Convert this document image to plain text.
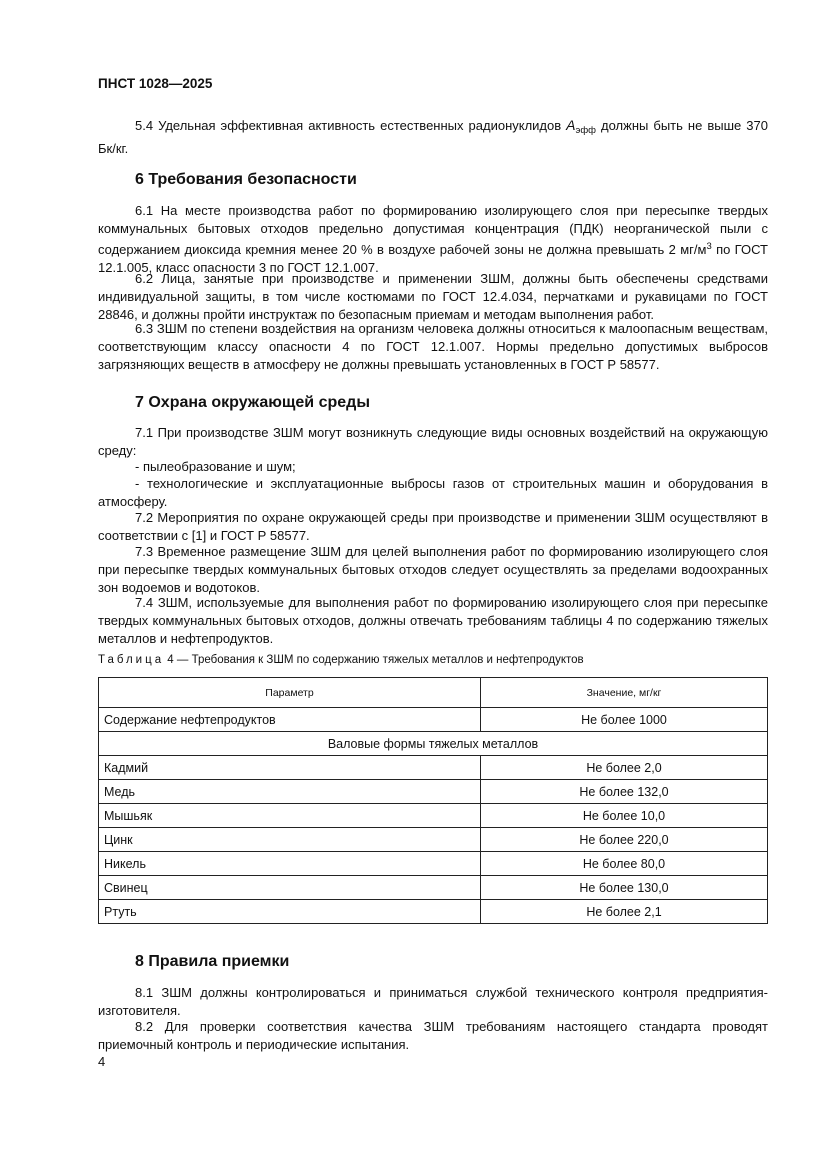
ПНСТ 1028—2025

5.4 Удельная эффективная активность естественных радионуклидов $A_{эфф}$ должны быть не выше 370 Бк/кг.

6 Требования безопасности

6.1 На месте производства работ по формированию изолирующего слоя при пересыпке твердых коммунальных бытовых отходов предельно допустимая концентрация (ПДК) неорганической пыли с содержанием диоксида кремния менее 20 % в воздухе рабочей зоны не должна превышать 2 $мг/м^3$ по ГОСТ 12.1.005, класс опасности 3 по ГОСТ 12.1.007.

6.2 Лица, занятые при производстве и применении ЗШМ, должны быть обеспечены средствами индивидуальной защиты, в том числе костюмами по ГОСТ 12.4.034, перчатками и рукавицами по ГОСТ 28846, и должны пройти инструктаж по безопасным приемам и методам выполнения работ.

6.3 ЗШМ по степени воздействия на организм человека должны относиться к малоопасным веществам, соответствующим классу опасности 4 по ГОСТ 12.1.007. Нормы предельно допустимых выбросов загрязняющих веществ в атмосферу не должны превышать установленных в ГОСТ Р 58577.

7 Охрана окружающей среды

7.1 При производстве ЗШМ могут возникнуть следующие виды основных воздействий на окружающую среду:

- пылеобразование и шум;

- технологические и эксплуатационные выбросы газов от строительных машин и оборудования в атмосферу.

7.2 Мероприятия по охране окружающей среды при производстве и применении ЗШМ осуществляют в соответствии с [1] и ГОСТ Р 58577.

7.3 Временное размещение ЗШМ для целей выполнения работ по формированию изолирующего слоя при пересыпке твердых коммунальных бытовых отходов следует осуществлять за пределами водоохранных зон водоемов и водотоков.

7.4 ЗШМ, используемые для выполнения работ по формированию изолирующего слоя при пересыпке твердых коммунальных бытовых отходов, должны отвечать требованиям таблицы 4 по содержанию тяжелых металлов и нефтепродуктов.

Таблица 4 — Требования к ЗШМ по содержанию тяжелых металлов и нефтепродуктов
Параметр	Значение, мг/кг
Содержание нефтепродуктов	Не более 1000
Валовые формы тяжелых металлов	
Кадмий	Не более 2,0
Медь	Не более 132,0
Мышьяк	Не более 10,0
Цинк	Не более 220,0
Никель	Не более 80,0
Свинец	Не более 130,0
Ртуть	Не более 2,1
8 Правила приемки

8.1 ЗШМ должны контролироваться и приниматься службой технического контроля предприятия-изготовителя.

8.2 Для проверки соответствия качества ЗШМ требованиям настоящего стандарта проводят приемочный контроль и периодические испытания.

4
